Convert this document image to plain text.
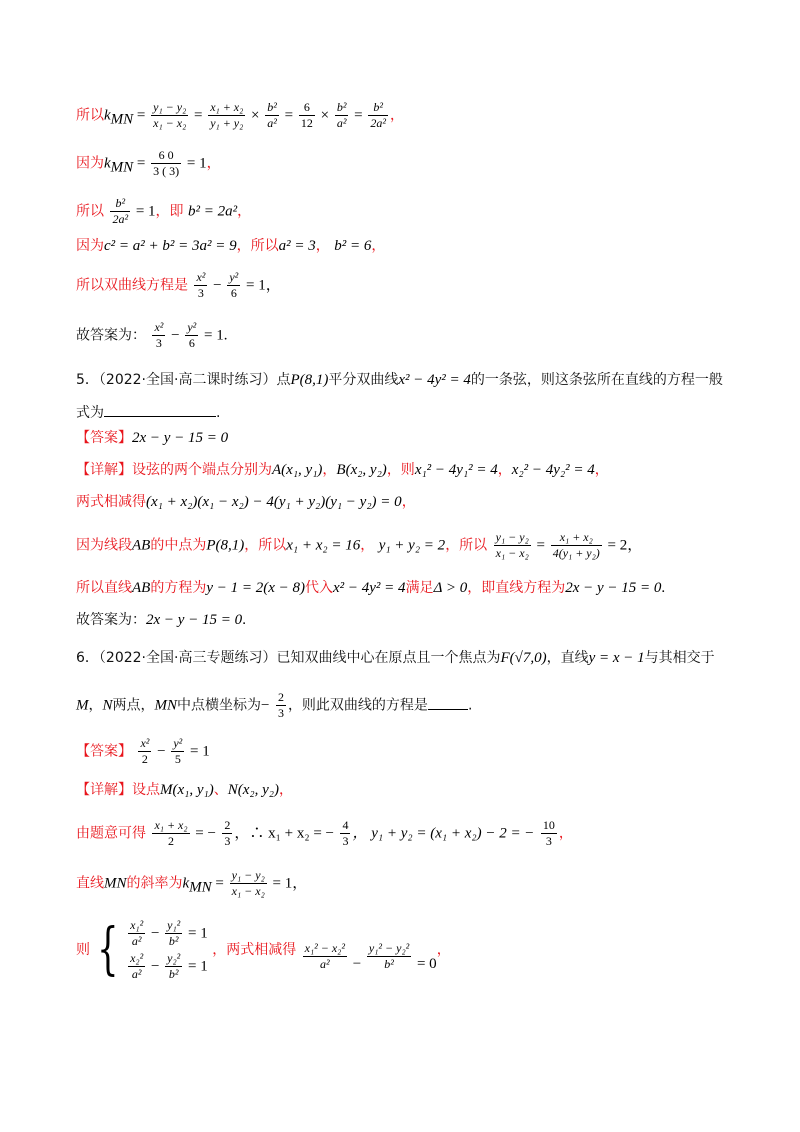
所以$k_{MN} = \frac{\text{y₁ − y₂}}{\text{x₁ − x₂}} = \frac{\text{x₁ + x₂}}{\text{y₁ + y₂}} \times \frac{\text{b²}}{\text{a²}} = \frac{6}{12} \times \frac{\text{b²}}{\text{a²}} = \frac{\text{b²}}{\text{2a²}}$ ，
因为$k_{MN} = \frac{6 0}{3 ( 3)} = 1$，
所以 $\frac{\text{b²}}{\text{2a²}} = 1$，即 b² = 2a²，
因为c² = a² + b² = 3a² = 9，所以a² = 3， b² = 6，
所以双曲线方程是 $\frac{\text{x²}}{3} - \frac{\text{y²}}{6} = 1$，
故答案为： $\frac{\text{x²}}{3} - \frac{\text{y²}}{6} = 1$.
5．（2022·全国·高二课时练习）点P(8,1)平分双曲线x² − 4y² = 4的一条弦，则这条弦所在直线的方程一般
式为	.
【答案】2x − y − 15 = 0
【详解】设弦的两个端点分别为A(x₁, y₁)，B(x₂, y₂)，则x₁² − 4y₁² = 4，x₂² − 4y₂² = 4，
两式相减得(x₁ + x₂)(x₁ − x₂) − 4(y₁ + y₂)(y₁ − y₂) = 0，
因为线段AB的中点为P(8,1)，所以x₁ + x₂ = 16， y₁ + y₂ = 2，所以 $\frac{\text{y₁ − y₂}}{\text{x₁ − x₂}} = \frac{\text{x₁ + x₂}}{\text{4(y₁ + y₂)}} = 2$，
所以直线AB的方程为y − 1 = 2(x − 8)代入x² − 4y² = 4满足Δ > 0，即直线方程为2x − y − 15 = 0.
故答案为：2x − y − 15 = 0.
6．（2022·全国·高三专题练习）已知双曲线中心在原点且一个焦点为F(√7,0)，直线y = x − 1与其相交于
M，N两点，MN中点横坐标为− $\frac{2}{3}$ ，则此双曲线的方程是	.
【答案】 $\frac{\text{x²}}{2} - \frac{\text{y²}}{5} = 1$
【详解】设点M(x₁, y₁)、N(x₂, y₂)，
由题意可得 $\frac{\text{x₁ + x₂}}{2}$ = − $\frac{2}{3}$ ，∴ x₁ + x₂ = − $\frac{4}{3}$ ， y₁ + y₂ = (x₁ + x₂) − 2 = − $\frac{10}{3}$ ，
直线MN的斜率为$k_{MN} = \frac{\text{y₁ − y₂}}{\text{x₁ − x₂}} = 1$，
则 { $\frac{\text{x₁²}}{\text{a²}} - \frac{\text{y₁²}}{\text{b²}} = 1$
$\frac{\text{x₂²}}{\text{a²}} - \frac{\text{y₂²}}{\text{b²}} = 1$
，两式相减得 $\frac{\text{x₁² − x₂²}}{\text{a²}} - \frac{\text{y₁² − y₂²}}{\text{b²}} = 0$，
